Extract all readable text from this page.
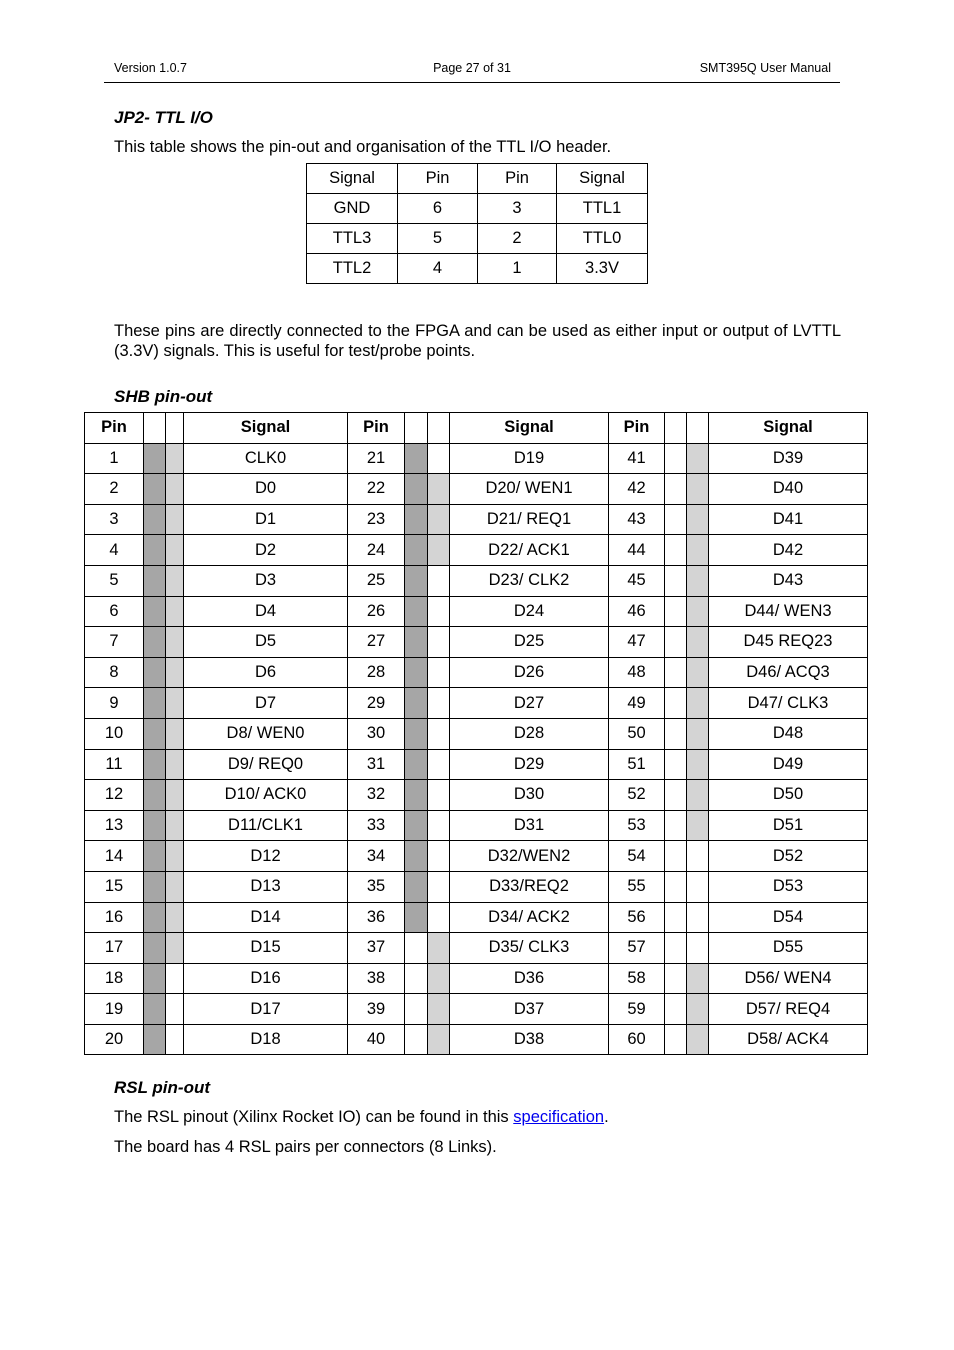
Version 1.0.7	Page 27 of 31	SMT395Q User Manual
JP2- TTL I/O
This table shows the pin-out and organisation of the TTL I/O header.
Signal	Pin	Pin	Signal
GND	6	3	TTL1
TTL3	5	2	TTL0
TTL2	4	1	3.3V
These pins are directly connected to the FPGA and can be used as either input or output of LVTTL (3.3V) signals. This is useful for test/probe points.
SHB pin-out
Pin			Signal	Pin			Signal	Pin			Signal
1			CLK0	21			D19	41			D39
2			D0	22			D20/ WEN1	42			D40
3			D1	23			D21/ REQ1	43			D41
4			D2	24			D22/ ACK1	44			D42
5			D3	25			D23/ CLK2	45			D43
6			D4	26			D24	46			D44/ WEN3
7			D5	27			D25	47			D45 REQ23
8			D6	28			D26	48			D46/ ACQ3
9			D7	29			D27	49			D47/ CLK3
10			D8/ WEN0	30			D28	50			D48
11			D9/ REQ0	31			D29	51			D49
12			D10/ ACK0	32			D30	52			D50
13			D11/CLK1	33			D31	53			D51
14			D12	34			D32/WEN2	54			D52
15			D13	35			D33/REQ2	55			D53
16			D14	36			D34/ ACK2	56			D54
17			D15	37			D35/ CLK3	57			D55
18			D16	38			D36	58			D56/ WEN4
19			D17	39			D37	59			D57/ REQ4
20			D18	40			D38	60			D58/ ACK4
RSL pin-out
The RSL pinout (Xilinx Rocket IO) can be found in this specification.
The board has 4 RSL pairs per connectors (8 Links).
